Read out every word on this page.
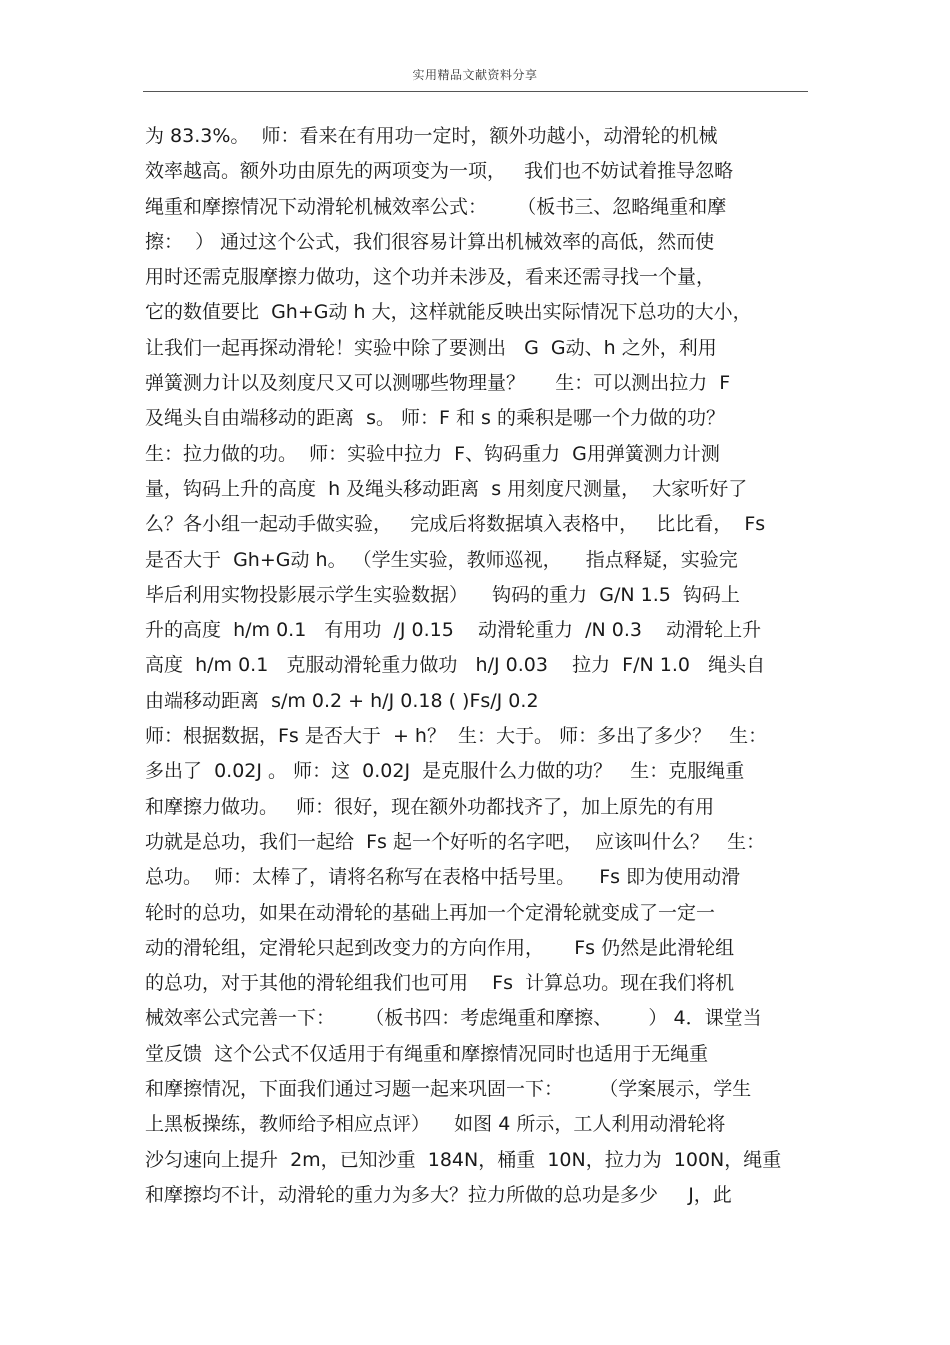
实用精品文献资料分享
为 83.3%。  师：看来在有用功一定时，额外功越小，动滑轮的机械
效率越高。额外功由原先的两项变为一项，   我们也不妨试着推导忽略
绳重和摩擦情况下动滑轮机械效率公式：     （板书三、忽略绳重和摩
擦：  ） 通过这个公式，我们很容易计算出机械效率的高低，然而使
用时还需克服摩擦力做功，这个功并未涉及，看来还需寻找一个量，
它的数值要比  Gh+G动 h 大，这样就能反映出实际情况下总功的大小，
让我们一起再探动滑轮！实验中除了要测出   G  G动、h 之外，利用
弹簧测力计以及刻度尺又可以测哪些物理量？     生：可以测出拉力  F
及绳头自由端移动的距离  s。 师：F 和 s 的乘积是哪一个力做的功？
生：拉力做的功。  师：实验中拉力  F、钩码重力  G用弹簧测力计测
量，钩码上升的高度  h 及绳头移动距离  s 用刻度尺测量，  大家听好了
么？各小组一起动手做实验，   完成后将数据填入表格中，   比比看，  Fs
是否大于  Gh+G动 h。 （学生实验，教师巡视，    指点释疑，实验完
毕后利用实物投影展示学生实验数据）    钩码的重力  G/N 1.5  钩码上
升的高度  h/m 0.1   有用功  /J 0.15    动滑轮重力  /N 0.3    动滑轮上升
高度  h/m 0.1   克服动滑轮重力做功   h/J 0.03    拉力  F/N 1.0   绳头自
由端移动距离  s/m 0.2 + h/J 0.18 ( )Fs/J 0.2
师：根据数据，Fs 是否大于  + h？  生：大于。 师：多出了多少？   生：
多出了  0.02J 。 师：这  0.02J  是克服什么力做的功？   生：克服绳重
和摩擦力做功。   师：很好，现在额外功都找齐了，加上原先的有用
功就是总功，我们一起给  Fs 起一个好听的名字吧，  应该叫什么？   生：
总功。  师：太棒了，请将名称写在表格中括号里。    Fs 即为使用动滑
轮时的总功，如果在动滑轮的基础上再加一个定滑轮就变成了一定一
动的滑轮组，定滑轮只起到改变力的方向作用，     Fs 仍然是此滑轮组
的总功，对于其他的滑轮组我们也可用    Fs  计算总功。现在我们将机
械效率公式完善一下：     （板书四：考虑绳重和摩擦、      ） 4．课堂当
堂反馈  这个公式不仅适用于有绳重和摩擦情况同时也适用于无绳重
和摩擦情况，下面我们通过习题一起来巩固一下：      （学案展示，学生
上黑板操练，教师给予相应点评）    如图 4 所示，工人利用动滑轮将
沙匀速向上提升  2m，已知沙重  184N，桶重  10N，拉力为  100N，绳重
和摩擦均不计，动滑轮的重力为多大？拉力所做的总功是多少     J，此
